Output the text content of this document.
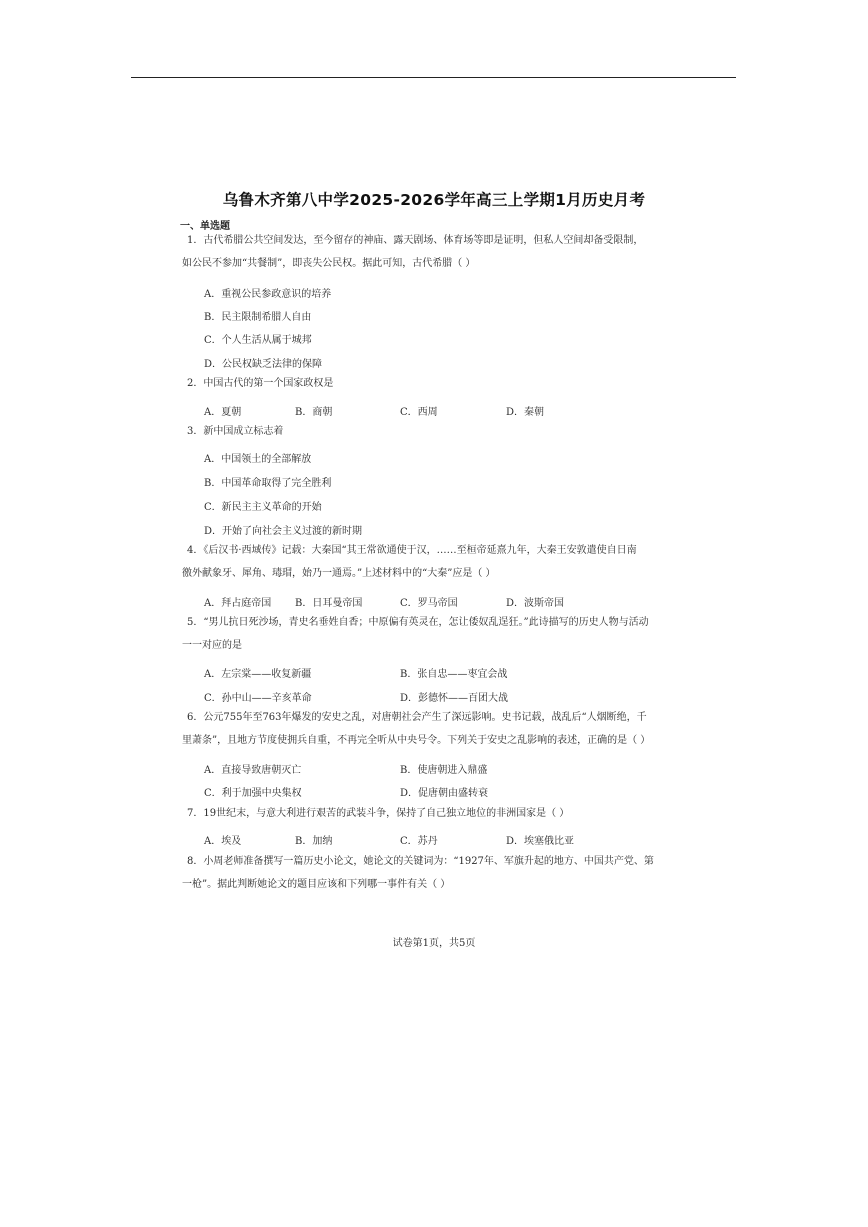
乌鲁木齐第八中学2025-2026学年高三上学期1月历史月考
一、单选题
1．古代希腊公共空间发达，至今留存的神庙、露天剧场、体育场等即是证明，但私人空间却备受限制，
如公民不参加“共餐制”，即丧失公民权。据此可知，古代希腊（ ）
A．重视公民参政意识的培养
B．民主限制希腊人自由
C．个人生活从属于城邦
D．公民权缺乏法律的保障
2．中国古代的第一个国家政权是
A．夏朝	B．商朝	C．西周	D．秦朝
3．新中国成立标志着
A．中国领土的全部解放
B．中国革命取得了完全胜利
C．新民主主义革命的开始
D．开始了向社会主义过渡的新时期
4．《后汉书·西域传》记载：大秦国“其王常欲通使于汉，……至桓帝延熹九年，大秦王安敦遣使自日南
徼外献象牙、犀角、瑇瑁，始乃一通焉。”上述材料中的“大秦”应是（ ）
A．拜占庭帝国 B．日耳曼帝国	C．罗马帝国	D．波斯帝国
5．“男儿抗日死沙场，青史名垂姓自香；中原偏有英灵在，怎让倭奴乱逞狂。”此诗描写的历史人物与活动
一一对应的是
A．左宗棠——收复新疆	B．张自忠——枣宜会战
C．孙中山——辛亥革命	D．彭德怀——百团大战
6．公元755年至763年爆发的安史之乱，对唐朝社会产生了深远影响。史书记载，战乱后“人烟断绝，千
里萧条”，且地方节度使拥兵自重，不再完全听从中央号令。下列关于安史之乱影响的表述，正确的是（ ）
A．直接导致唐朝灭亡	B．使唐朝进入鼎盛
C．利于加强中央集权	D．促唐朝由盛转衰
7．19世纪末，与意大利进行艰苦的武装斗争，保持了自己独立地位的非洲国家是（ ）
A．埃及	B．加纳	C．苏丹	D．埃塞俄比亚
8．小周老师准备撰写一篇历史小论文，她论文的关键词为：“1927年、军旗升起的地方、中国共产党、第
一枪”。据此判断她论文的题目应该和下列哪一事件有关（ ）
试卷第1页，共5页
